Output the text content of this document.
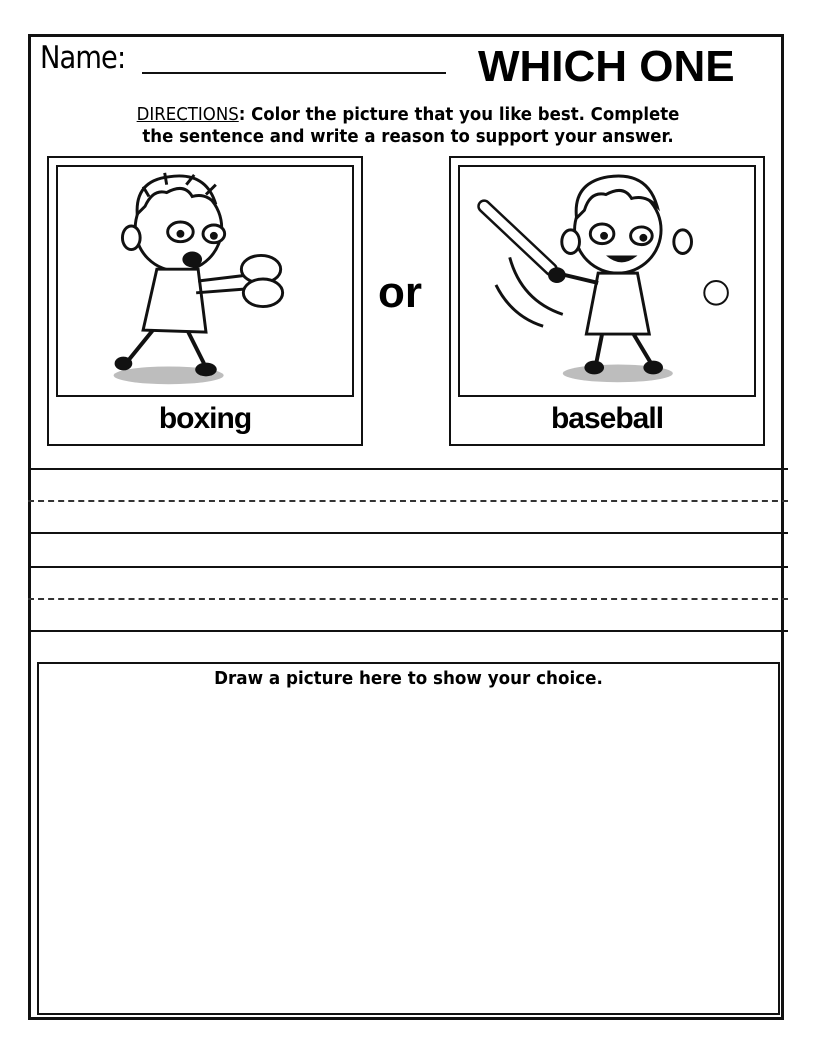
Name:	WHICH ONE
DIRECTIONS: Color the picture that you like best. Complete
the sentence and write a reason to support your answer.
boxing
or
baseball
Draw a picture here to show your choice.
